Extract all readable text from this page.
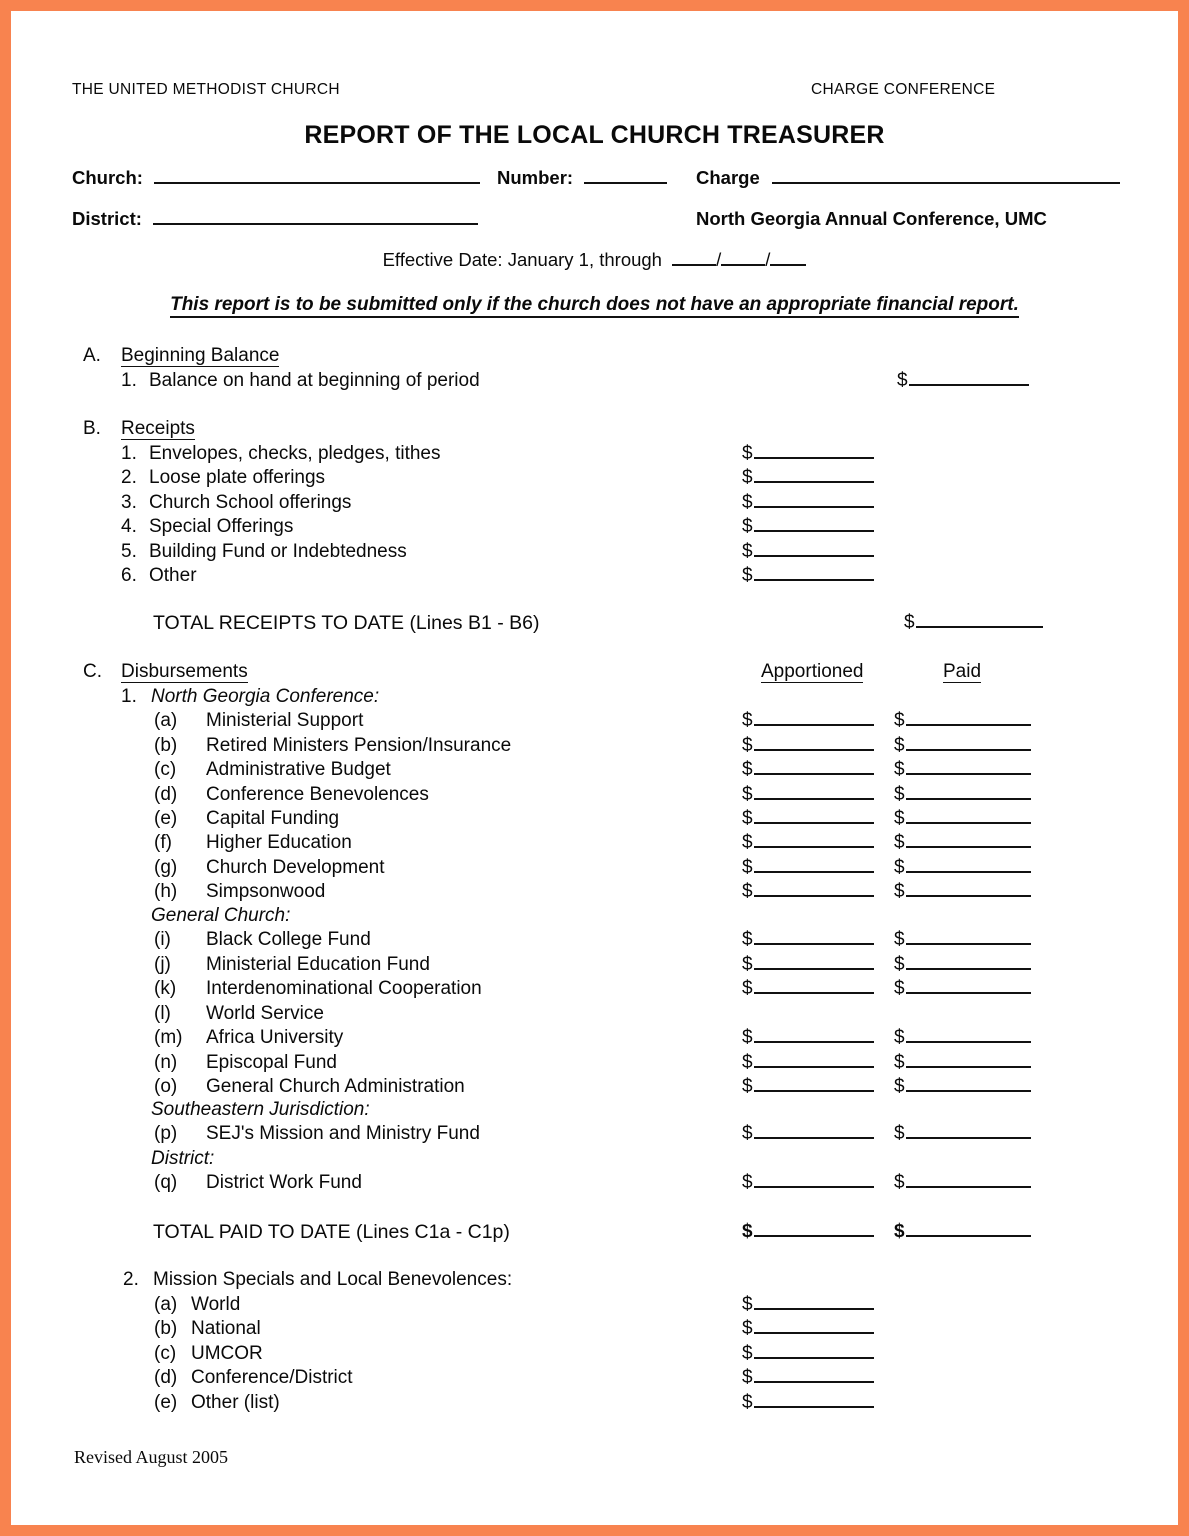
THE UNITED METHODIST CHURCH	CHARGE CONFERENCE
REPORT OF THE LOCAL CHURCH TREASURER
Church:	Number:	Charge
District:	North Georgia Annual Conference, UMC
Effective Date: January 1, through	/ /
This report is to be submitted only if the church does not have an appropriate financial report.
A. Beginning Balance
1. Balance on hand at beginning of period	$
B. Receipts
1. Envelopes, checks, pledges, tithes	$
2. Loose plate offerings	$
3. Church School offerings	$
4. Special Offerings	$
5. Building Fund or Indebtedness	$
6. Other	$
TOTAL RECEIPTS TO DATE (Lines B1 - B6)	$
C. Disbursements	Apportioned	Paid
1. North Georgia Conference:
(a) Ministerial Support	$	$
(b) Retired Ministers Pension/Insurance	$	$
(c) Administrative Budget	$	$
(d) Conference Benevolences	$	$
(e) Capital Funding	$	$
(f) Higher Education	$	$
(g) Church Development	$	$
(h) Simpsonwood	$	$
(i) Black College Fund	$	$
(j) Ministerial Education Fund	$	$
(k) Interdenominational Cooperation	$	$
(l) World Service
(m) Africa University	$	$
(n) Episcopal Fund	$	$
(o) General Church Administration	$	$
(p) SEJ's Mission and Ministry Fund	$	$
(q) District Work Fund	$	$
General Church:
Southeastern Jurisdiction:
District:
TOTAL PAID TO DATE (Lines C1a - C1p)	$	$
2. Mission Specials and Local Benevolences:
(a) World	$
(b) National	$
(c) UMCOR	$
(d) Conference/District	$
(e) Other (list)	$
Revised August 2005
